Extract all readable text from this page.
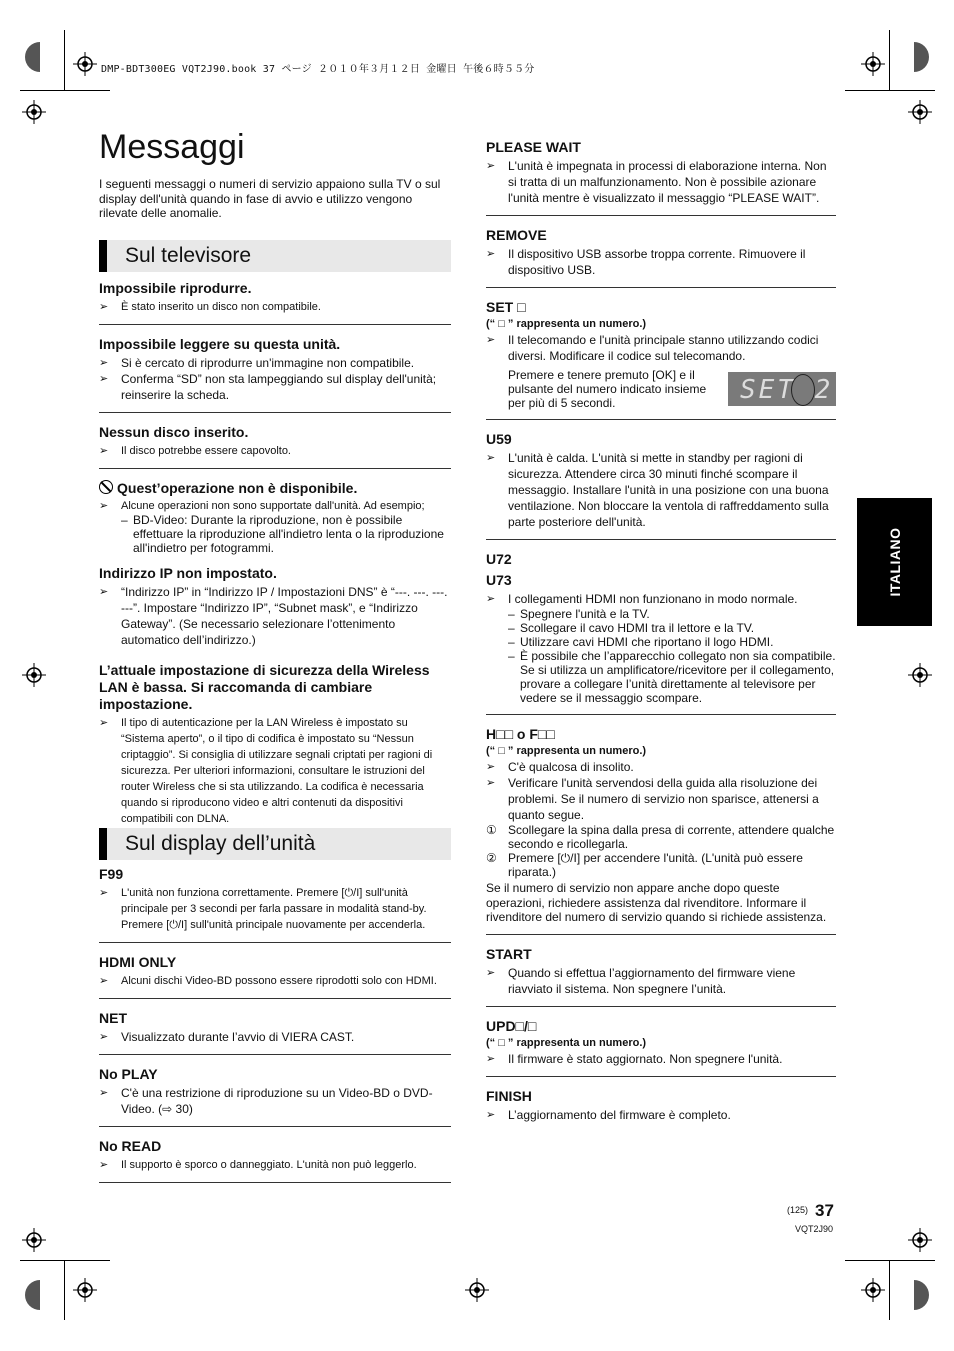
DMP-BDT300EG VQT2J90.book 37 ページ ２０１０年３月１２日 金曜日 午後６時５５分
Messaggi

I seguenti messaggi o numeri di servizio appaiono sulla TV o sul display dell'unità quando in fase di avvio e utilizzo vengono rilevate delle anomalie.

Sul televisore

Impossibile riprodurre.

➢ È stato inserito un disco non compatibile.

Impossibile leggere su questa unità.

➢ Si è cercato di riprodurre un'immagine non compatibile.

➢ Conferma “SD” non sta lampeggiando sul display dell'unità; reinserire la scheda.

Nessun disco inserito.

➢ Il disco potrebbe essere capovolto.

Quest’operazione non è disponibile.

➢ Alcune operazioni non sono supportate dall'unità. Ad esempio;

– BD-Video: Durante la riproduzione, non è possibile effettuare la riproduzione all'indietro lenta o la riproduzione all'indietro per fotogrammi.

Indirizzo IP non impostato.

➢ “Indirizzo IP” in “Indirizzo IP / Impostazioni DNS” è “---. ---. ---. ---”. Impostare “Indirizzo IP”, “Subnet mask”, e “Indirizzo Gateway”. (Se necessario selezionare l’ottenimento automatico dell’indirizzo.)

L’attuale impostazione di sicurezza della Wireless LAN è bassa. Si raccomanda di cambiare impostazione.

➢ Il tipo di autenticazione per la LAN Wireless è impostato su “Sistema aperto”, o il tipo di codifica è impostato su “Nessun criptaggio”. Si consiglia di utilizzare segnali criptati per ragioni di sicurezza. Per ulteriori informazioni, consultare le istruzioni del router Wireless che si sta utilizzando. La codifica è necessaria quando si riproducono video e altri contenuti da dispositivi compatibili con DLNA.

Sul display dell’unità

F99

➢ L'unità non funziona correttamente. Premere [⏻/I] sull'unità principale per 3 secondi per farla passare in modalità stand-by. Premere [⏻/I] sull'unità principale nuovamente per accenderla.

HDMI ONLY

➢ Alcuni dischi Video-BD possono essere riprodotti solo con HDMI.

NET

➢ Visualizzato durante l’avvio di VIERA CAST.

No PLAY

➢ C'è una restrizione di riproduzione su un Video-BD o DVD-Video. (⇨ 30)

No READ

➢ Il supporto è sporco o danneggiato. L'unità non può leggerlo.

PLEASE WAIT

➢ L'unità è impegnata in processi di elaborazione interna. Non si tratta di un malfunzionamento. Non è possibile azionare l'unità mentre è visualizzato il messaggio “PLEASE WAIT”.

REMOVE

➢ Il dispositivo USB assorbe troppa corrente. Rimuovere il dispositivo USB.

SET □

(“ □ ” rappresenta un numero.)

➢ Il telecomando e l'unità principale stanno utilizzando codici diversi. Modificare il codice sul telecomando.

Premere e tenere premuto [OK] e il pulsante del numero indicato insieme per più di 5 secondi.	SET 2

U59

➢ L'unità è calda. L'unità si mette in standby per ragioni di sicurezza. Attendere circa 30 minuti finché scompare il messaggio. Installare l'unità in una posizione con una buona ventilazione. Non bloccare la ventola di raffreddamento sulla parte posteriore dell'unità.

U72

U73

➢ I collegamenti HDMI non funzionano in modo normale.

– Spegnere l'unità e la TV.

– Scollegare il cavo HDMI tra il lettore e la TV.

– Utilizzare cavi HDMI che riportano il logo HDMI.

– È possibile che l’apparecchio collegato non sia compatibile. Se si utilizza un amplificatore/ricevitore per il collegamento, provare a collegare l’unità direttamente al televisore per vedere se il messaggio scompare.

H□□ o F□□

(“ □ ” rappresenta un numero.)

➢ C'è qualcosa di insolito.

➢ Verificare l'unità servendosi della guida alla risoluzione dei problemi. Se il numero di servizio non sparisce, attenersi a quanto segue.

① Scollegare la spina dalla presa di corrente, attendere qualche secondo e ricollegarla.

② Premere [⏻/I] per accendere l'unità. (L'unità può essere riparata.)

Se il numero di servizio non appare anche dopo queste operazioni, richiedere assistenza dal rivenditore. Informare il rivenditore del numero di servizio quando si richiede assistenza.

START

➢ Quando si effettua l’aggiornamento del firmware viene riavviato il sistema. Non spegnere l’unità.

UPD□/□

(“ □ ” rappresenta un numero.)

➢ Il firmware è stato aggiornato. Non spegnere l'unità.

FINISH

➢ L’aggiornamento del firmware è completo.

ITALIANO
(125) 37
VQT2J90
